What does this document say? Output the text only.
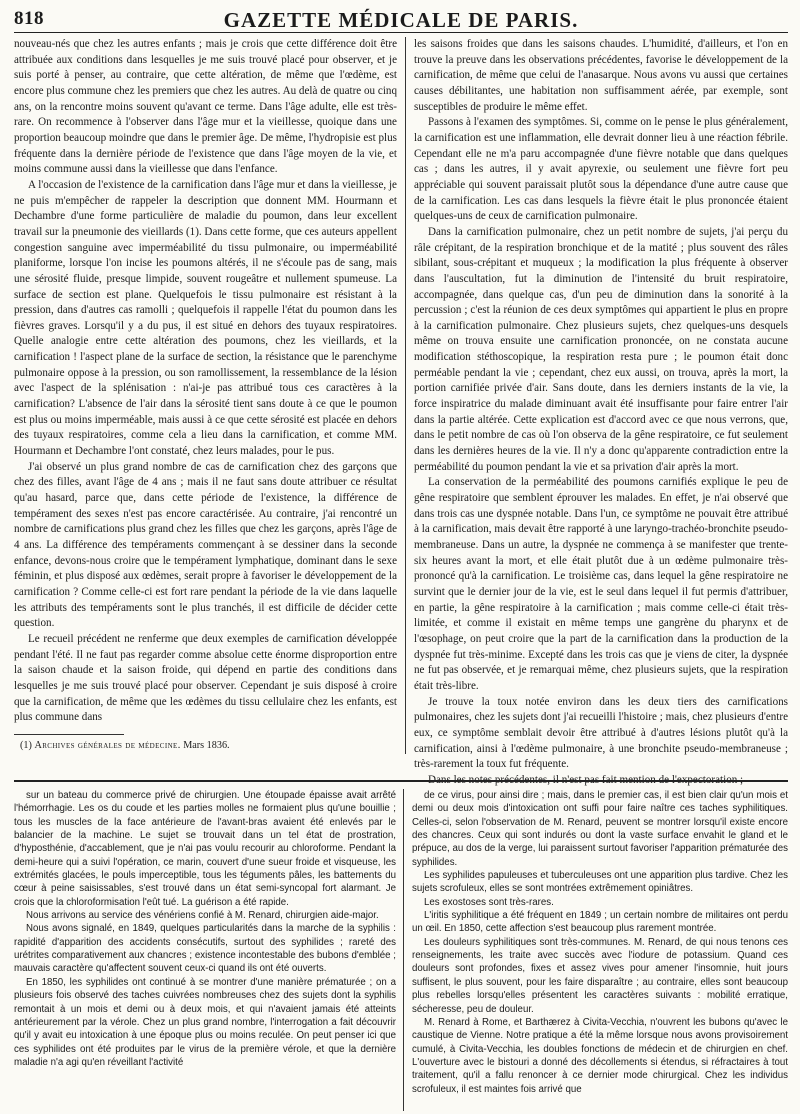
818	GAZETTE MÉDICALE DE PARIS.

nouveau-nés que chez les autres enfants ; mais je crois que cette différence doit être attribuée aux conditions dans lesquelles je me suis trouvé placé pour observer, et je suis porté à penser, au contraire, que cette altération, de même que l'œdème, est encore plus commune chez les premiers que chez les autres. Au delà de quatre ou cinq ans, on la rencontre moins souvent qu'avant ce terme. Dans l'âge adulte, elle est très-rare. On recommence à l'observer dans l'âge mur et la vieillesse, quoique dans une proportion beaucoup moindre que dans le premier âge. De même, l'hydropisie est plus fréquente dans la dernière période de l'existence que dans l'âge moyen de la vie, et moins commune aussi dans la vieillesse que dans l'enfance.

A l'occasion de l'existence de la carnification dans l'âge mur et dans la vieillesse, je ne puis m'empêcher de rappeler la description que donnent MM. Hourmann et Dechambre d'une forme particulière de maladie du poumon, dans leur excellent travail sur la pneumonie des vieillards (1). Dans cette forme, que ces auteurs appellent congestion sanguine avec imperméabilité du tissu pulmonaire, ou imperméabilité planiforme, lorsque l'on incise les poumons altérés, il ne s'écoule pas de sang, mais une sérosité fluide, presque limpide, souvent rougeâtre et nullement spumeuse. La surface de section est plane. Quelquefois le tissu pulmonaire est résistant à la pression, dans d'autres cas ramolli ; quelquefois il rappelle l'état du poumon dans les fièvres graves. Lorsqu'il y a du pus, il est situé en dehors des tuyaux respiratoires. Quelle analogie entre cette altération des poumons, chez les vieillards, et la carnification ! l'aspect plane de la surface de section, la résistance que le parenchyme pulmonaire oppose à la pression, ou son ramollissement, la ressemblance de la lésion avec l'aspect de la splénisation : n'ai-je pas attribué tous ces caractères à la carnification? L'absence de l'air dans la sérosité tient sans doute à ce que le poumon est plus ou moins imperméable, mais aussi à ce que cette sérosité est placée en dehors des tuyaux respiratoires, comme cela a lieu dans la carnification, et comme MM. Hourmann et Dechambre l'ont constaté, chez leurs malades, pour le pus.

J'ai observé un plus grand nombre de cas de carnification chez des garçons que chez des filles, avant l'âge de 4 ans ; mais il ne faut sans doute attribuer ce résultat qu'au hasard, parce que, dans cette période de l'existence, la différence de tempérament des sexes n'est pas encore caractérisée. Au contraire, j'ai rencontré un nombre de carnifications plus grand chez les filles que chez les garçons, après l'âge de 4 ans. La différence des tempéraments commençant à se dessiner dans la seconde enfance, devons-nous croire que le tempérament lymphatique, dominant dans le sexe féminin, et plus disposé aux œdèmes, serait propre à favoriser le développement de la carnification ? Comme celle-ci est fort rare pendant la période de la vie dans laquelle les attributs des tempéraments sont le plus tranchés, il est difficile de décider cette question.

Le recueil précédent ne renferme que deux exemples de carnification développée pendant l'été. Il ne faut pas regarder comme absolue cette énorme disproportion entre la saison chaude et la saison froide, qui dépend en partie des conditions dans lesquelles je me suis trouvé placé pour observer. Cependant je suis disposé à croire que la carnification, de même que les œdèmes du tissu cellulaire chez les enfants, est plus commune dans

(1) Archives générales de médecine. Mars 1836.

les saisons froides que dans les saisons chaudes. L'humidité, d'ailleurs, et l'on en trouve la preuve dans les observations précédentes, favorise le développement de la carnification, de même que celui de l'anasarque. Nous avons vu aussi que certaines causes débilitantes, une habitation non suffisamment aérée, par exemple, sont susceptibles de produire le même effet.

Passons à l'examen des symptômes. Si, comme on le pense le plus généralement, la carnification est une inflammation, elle devrait donner lieu à une réaction fébrile. Cependant elle ne m'a paru accompagnée d'une fièvre notable que dans quelques cas ; dans les autres, il y avait apyrexie, ou seulement une fièvre fort peu appréciable qui souvent paraissait plutôt sous la dépendance d'une autre cause que de la carnification. Les cas dans lesquels la fièvre était le plus prononcée étaient quelques-uns de ceux de carnification pulmonaire.

Dans la carnification pulmonaire, chez un petit nombre de sujets, j'ai perçu du râle crépitant, de la respiration bronchique et de la matité ; plus souvent des râles sibilant, sous-crépitant et muqueux ; la modification la plus fréquente à observer dans l'auscultation, fut la diminution de l'intensité du bruit respiratoire, accompagnée, dans quelque cas, d'un peu de diminution dans la sonorité à la percussion ; c'est la réunion de ces deux symptômes qui appartient le plus en propre à la carnification pulmonaire. Chez plusieurs sujets, chez quelques-uns desquels même on trouva ensuite une carnification prononcée, on ne constata aucune modification stéthoscopique, la respiration resta pure ; le poumon était donc perméable pendant la vie ; cependant, chez eux aussi, on trouva, après la mort, la portion carnifiée privée d'air. Sans doute, dans les derniers instants de la vie, la force inspiratrice du malade diminuant avait été insuffisante pour faire entrer l'air dans la partie altérée. Cette explication est d'accord avec ce que nous verrons, que, dans le petit nombre de cas où l'on observa de la gêne respiratoire, ce fut seulement dans les dernières heures de la vie. Il n'y a donc qu'apparente contradiction entre la perméabilité du poumon pendant la vie et sa privation d'air après la mort.

La conservation de la perméabilité des poumons carnifiés explique le peu de gêne respiratoire que semblent éprouver les malades. En effet, je n'ai observé que dans trois cas une dyspnée notable. Dans l'un, ce symptôme ne pouvait être attribué à la carnification, mais devait être rapporté à une laryngo-trachéo-bronchite pseudo-membraneuse. Dans un autre, la dyspnée ne commença à se manifester que trente-six heures avant la mort, et elle était plutôt due à un œdème pulmonaire très-prononcé qu'à la carnification. Le troisième cas, dans lequel la gêne respiratoire ne survint que le dernier jour de la vie, est le seul dans lequel il fut permis d'attribuer, en partie, la gêne respiratoire à la carnification ; mais comme celle-ci était très-limitée, et comme il existait en même temps une gangrène du pharynx et de l'œsophage, on peut croire que la part de la carnification dans la production de la dyspnée fut très-minime. Excepté dans les trois cas que je viens de citer, la dyspnée ne fut pas observée, et je remarquai même, chez plusieurs sujets, que la respiration était très-libre.

Je trouve la toux notée environ dans les deux tiers des carnifications pulmonaires, chez les sujets dont j'ai recueilli l'histoire ; mais, chez plusieurs d'entre eux, ce symptôme semblait devoir être attribué à d'autres lésions plutôt qu'à la carnification, ainsi à l'œdème pulmonaire, à une bronchite pseudo-membraneuse ; très-rarement la toux fut fréquente.

Dans les notes précédentes, il n'est pas fait mention de l'expectoration ;

sur un bateau du commerce privé de chirurgien. Une étoupade épaisse avait arrêté l'hémorrhagie. Les os du coude et les parties molles ne formaient plus qu'une bouillie ; tous les muscles de la face antérieure de l'avant-bras avaient été enlevés par le balancier de la machine. Le sujet se trouvait dans un tel état de prostration, d'hyposthénie, d'accablement, que je n'ai pas voulu recourir au chloroforme. Pendant la demi-heure qui a suivi l'opération, ce marin, couvert d'une sueur froide et visqueuse, les extrémités glacées, le pouls imperceptible, tous les téguments pâles, les battements du cœur à peine saisissables, s'est trouvé dans un état semi-syncopal fort alarmant. Je crois que la chloroformisation l'eût tué. La guérison a été rapide.

Nous arrivons au service des vénériens confié à M. Renard, chirurgien aide-major.

Nous avons signalé, en 1849, quelques particularités dans la marche de la syphilis : rapidité d'apparition des accidents consécutifs, surtout des syphilides ; rareté des urétrites comparativement aux chancres ; existence incontestable des bubons d'emblée ; mauvais caractère qu'affectent souvent ceux-ci quand ils ont été ouverts.

En 1850, les syphilides ont continué à se montrer d'une manière prématurée ; on a plusieurs fois observé des taches cuivrées nombreuses chez des sujets dont la syphilis remontait à un mois et demi ou à deux mois, et qui n'avaient jamais été atteints antérieurement par la vérole. Chez un plus grand nombre, l'interrogation a fait découvrir qu'il y avait eu intoxication à une époque plus ou moins reculée. On peut penser ici que ces syphilides ont été produites par le virus de la première vérole, et que la dernière maladie n'a agi qu'en réveillant l'activité

de ce virus, pour ainsi dire ; mais, dans le premier cas, il est bien clair qu'un mois et demi ou deux mois d'intoxication ont suffi pour faire naître ces taches syphilitiques. Celles-ci, selon l'observation de M. Renard, peuvent se montrer lorsqu'il existe encore des chancres. Ceux qui sont indurés ou dont la vaste surface envahit le gland et le prépuce, au dos de la verge, lui paraissent surtout favoriser l'apparition prématurée des syphilides.

Les syphilides papuleuses et tuberculeuses ont une apparition plus tardive. Chez les sujets scrofuleux, elles se sont montrées extrêmement opiniâtres.

Les exostoses sont très-rares.

L'iritis syphilitique a été fréquent en 1849 ; un certain nombre de militaires ont perdu un œil. En 1850, cette affection s'est beaucoup plus rarement montrée.

Les douleurs syphilitiques sont très-communes. M. Renard, de qui nous tenons ces renseignements, les traite avec succès avec l'iodure de potassium. Quand ces douleurs sont profondes, fixes et assez vives pour amener l'insomnie, huit jours suffisent, le plus souvent, pour les faire disparaître ; au contraire, elles sont beaucoup plus rebelles lorsqu'elles présentent les caractères suivants : mobilité erratique, sécheresse, peu de douleur.

M. Renard à Rome, et Barthærez à Civita-Vecchia, n'ouvrent les bubons qu'avec le caustique de Vienne. Notre pratique a été la même lorsque nous avons provisoirement cumulé, à Civita-Vecchia, les doubles fonctions de médecin et de chirurgien en chef. L'ouverture avec le bistouri a donné des décollements si étendus, si réfractaires à tout traitement, qu'il a fallu renoncer à ce dernier mode chirurgical. Chez les individus scrofuleux, il est maintes fois arrivé que
